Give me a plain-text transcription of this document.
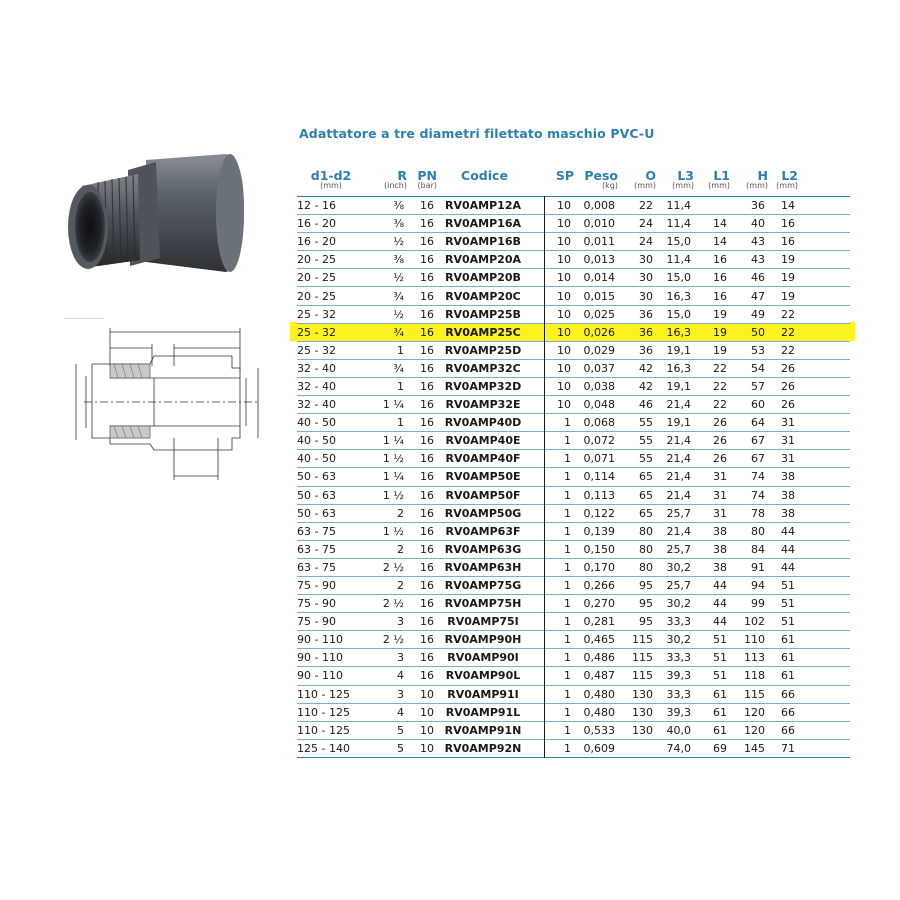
Adattatore a tre diametri filettato maschio PVC-U
d1-d2	R	PN	Codice		SP	Peso	O	L3	L1	H	L2	
(mm)	(inch)	(bar)				(kg)	(mm)	(mm)	(mm)	(mm)	(mm)	
12 - 16	⅜	16	RV0AMP12A		10	0,008	22	11,4		36	14	
16 - 20	⅜	16	RV0AMP16A		10	0,010	24	11,4	14	40	16	
16 - 20	½	16	RV0AMP16B		10	0,011	24	15,0	14	43	16	
20 - 25	⅜	16	RV0AMP20A		10	0,013	30	11,4	16	43	19	
20 - 25	½	16	RV0AMP20B		10	0,014	30	15,0	16	46	19	
20 - 25	¾	16	RV0AMP20C		10	0,015	30	16,3	16	47	19	
25 - 32	½	16	RV0AMP25B		10	0,025	36	15,0	19	49	22	
25 - 32	¾	16	RV0AMP25C		10	0,026	36	16,3	19	50	22	
25 - 32	1	16	RV0AMP25D		10	0,029	36	19,1	19	53	22	
32 - 40	¾	16	RV0AMP32C		10	0,037	42	16,3	22	54	26	
32 - 40	1	16	RV0AMP32D		10	0,038	42	19,1	22	57	26	
32 - 40	1 ¼	16	RV0AMP32E		10	0,048	46	21,4	22	60	26	
40 - 50	1	16	RV0AMP40D		1	0,068	55	19,1	26	64	31	
40 - 50	1 ¼	16	RV0AMP40E		1	0,072	55	21,4	26	67	31	
40 - 50	1 ½	16	RV0AMP40F		1	0,071	55	21,4	26	67	31	
50 - 63	1 ¼	16	RV0AMP50E		1	0,114	65	21,4	31	74	38	
50 - 63	1 ½	16	RV0AMP50F		1	0,113	65	21,4	31	74	38	
50 - 63	2	16	RV0AMP50G		1	0,122	65	25,7	31	78	38	
63 - 75	1 ½	16	RV0AMP63F		1	0,139	80	21,4	38	80	44	
63 - 75	2	16	RV0AMP63G		1	0,150	80	25,7	38	84	44	
63 - 75	2 ½	16	RV0AMP63H		1	0,170	80	30,2	38	91	44	
75 - 90	2	16	RV0AMP75G		1	0,266	95	25,7	44	94	51	
75 - 90	2 ½	16	RV0AMP75H		1	0,270	95	30,2	44	99	51	
75 - 90	3	16	RV0AMP75I		1	0,281	95	33,3	44	102	51	
90 - 110	2 ½	16	RV0AMP90H		1	0,465	115	30,2	51	110	61	
90 - 110	3	16	RV0AMP90I		1	0,486	115	33,3	51	113	61	
90 - 110	4	16	RV0AMP90L		1	0,487	115	39,3	51	118	61	
110 - 125	3	10	RV0AMP91I		1	0,480	130	33,3	61	115	66	
110 - 125	4	10	RV0AMP91L		1	0,480	130	39,3	61	120	66	
110 - 125	5	10	RV0AMP91N		1	0,533	130	40,0	61	120	66	
125 - 140	5	10	RV0AMP92N		1	0,609		74,0	69	145	71	
